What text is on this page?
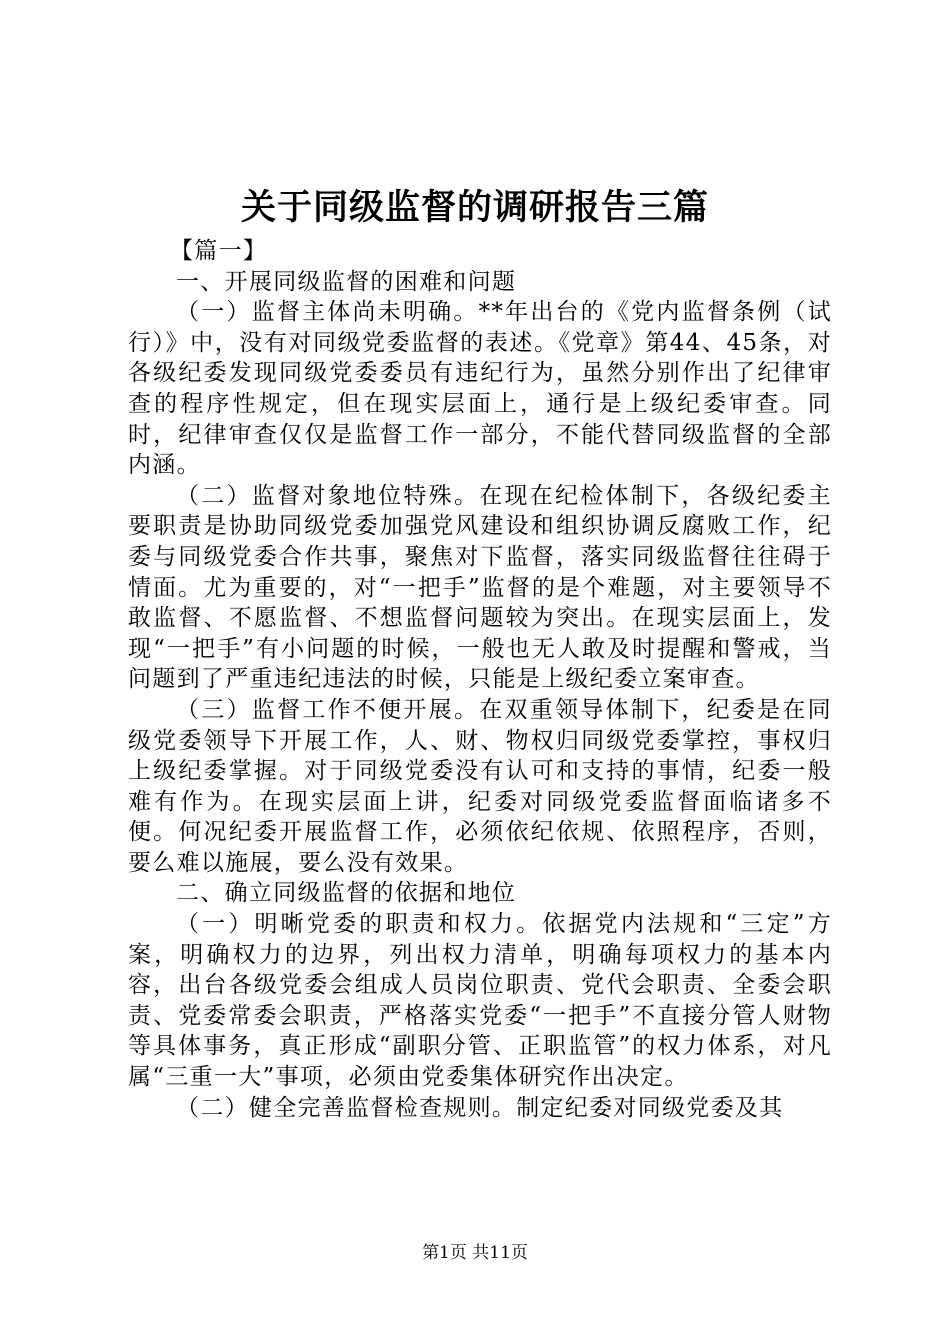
关于同级监督的调研报告三篇

【篇一】

一、开展同级监督的困难和问题

（一）监督主体尚未明确。**年出台的《党内监督条例（试行）》中，没有对同级党委监督的表述。《党章》第44、45条，对各级纪委发现同级党委委员有违纪行为，虽然分别作出了纪律审查的程序性规定，但在现实层面上，通行是上级纪委审查。同时，纪律审查仅仅是监督工作一部分，不能代替同级监督的全部内涵。

（二）监督对象地位特殊。在现在纪检体制下，各级纪委主要职责是协助同级党委加强党风建设和组织协调反腐败工作，纪委与同级党委合作共事，聚焦对下监督，落实同级监督往往碍于情面。尤为重要的，对“一把手”监督的是个难题，对主要领导不敢监督、不愿监督、不想监督问题较为突出。在现实层面上，发现“一把手”有小问题的时候，一般也无人敢及时提醒和警戒，当问题到了严重违纪违法的时候，只能是上级纪委立案审查。

（三）监督工作不便开展。在双重领导体制下，纪委是在同级党委领导下开展工作，人、财、物权归同级党委掌控，事权归上级纪委掌握。对于同级党委没有认可和支持的事情，纪委一般难有作为。在现实层面上讲，纪委对同级党委监督面临诸多不便。何况纪委开展监督工作，必须依纪依规、依照程序，否则，要么难以施展，要么没有效果。

二、确立同级监督的依据和地位

（一）明晰党委的职责和权力。依据党内法规和“三定”方案，明确权力的边界，列出权力清单，明确每项权力的基本内容，出台各级党委会组成人员岗位职责、党代会职责、全委会职责、党委常委会职责，严格落实党委“一把手”不直接分管人财物等具体事务，真正形成“副职分管、正职监管”的权力体系，对凡属“三重一大”事项，必须由党委集体研究作出决定。

（二）健全完善监督检查规则。制定纪委对同级党委及其

第1页 共11页
